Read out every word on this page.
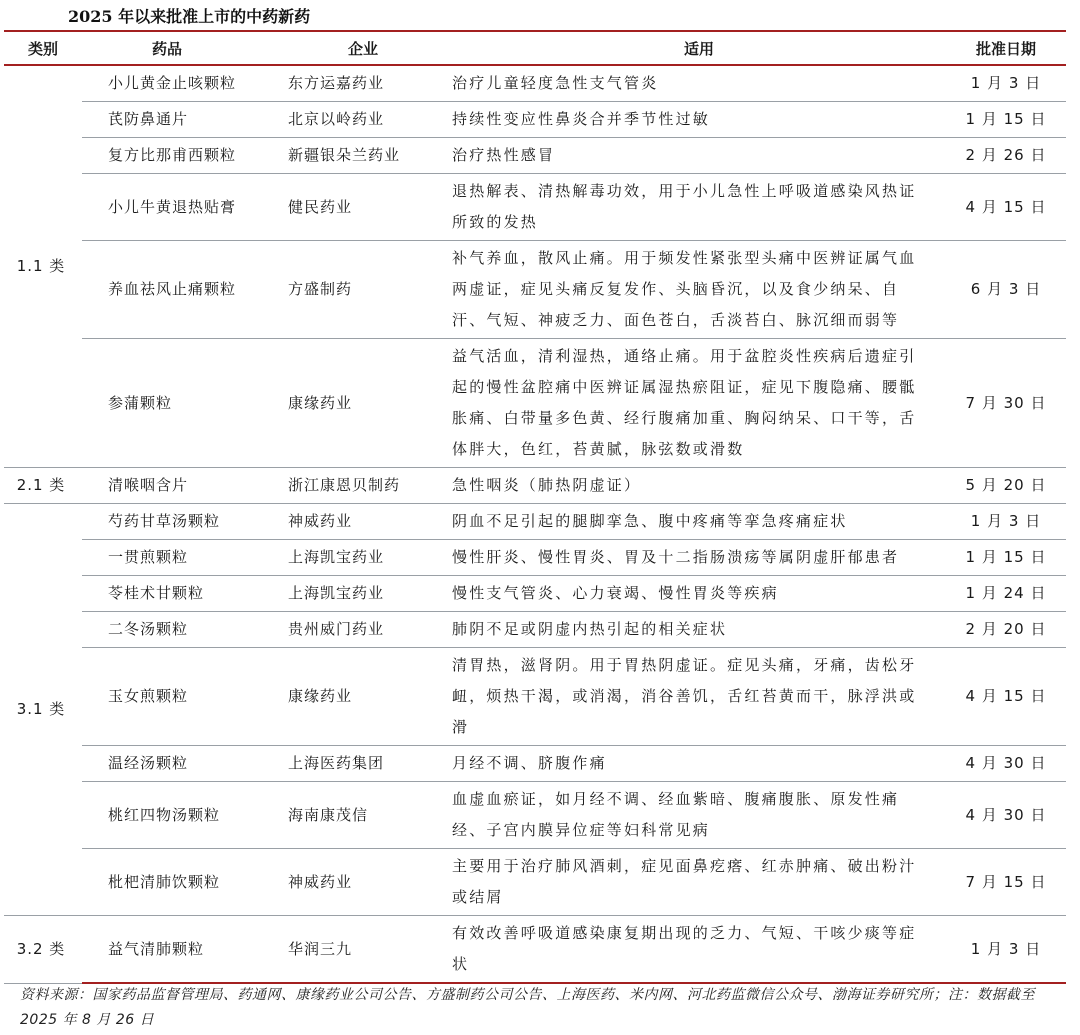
2025 年以来批准上市的中药新药
类别	药品	企业	适用	批准日期
1.1 类	小儿黄金止咳颗粒	东方运嘉药业	治疗儿童轻度急性支气管炎	1 月 3 日
	芪防鼻通片	北京以岭药业	持续性变应性鼻炎合并季节性过敏	1 月 15 日
	复方比那甫西颗粒	新疆银朵兰药业	治疗热性感冒	2 月 26 日
	小儿牛黄退热贴膏	健民药业	退热解表、清热解毒功效，用于小儿急性上呼吸道感染风热证所致的发热	4 月 15 日
	养血祛风止痛颗粒	方盛制药	补气养血，散风止痛。用于频发性紧张型头痛中医辨证属气血两虚证，症见头痛反复发作、头脑昏沉，以及食少纳呆、自汗、气短、神疲乏力、面色苍白，舌淡苔白、脉沉细而弱等	6 月 3 日
	参蒲颗粒	康缘药业	益气活血，清利湿热，通络止痛。用于盆腔炎性疾病后遗症引起的慢性盆腔痛中医辨证属湿热瘀阻证，症见下腹隐痛、腰骶胀痛、白带量多色黄、经行腹痛加重、胸闷纳呆、口干等，舌体胖大，色红，苔黄腻，脉弦数或滑数	7 月 30 日
2.1 类	清喉咽含片	浙江康恩贝制药	急性咽炎（肺热阴虚证）	5 月 20 日
3.1 类	芍药甘草汤颗粒	神威药业	阴血不足引起的腿脚挛急、腹中疼痛等挛急疼痛症状	1 月 3 日
	一贯煎颗粒	上海凯宝药业	慢性肝炎、慢性胃炎、胃及十二指肠溃疡等属阴虚肝郁患者	1 月 15 日
	苓桂术甘颗粒	上海凯宝药业	慢性支气管炎、心力衰竭、慢性胃炎等疾病	1 月 24 日
	二冬汤颗粒	贵州威门药业	肺阴不足或阴虚内热引起的相关症状	2 月 20 日
	玉女煎颗粒	康缘药业	清胃热，滋肾阴。用于胃热阴虚证。症见头痛，牙痛，齿松牙衄，烦热干渴，或消渴，消谷善饥，舌红苔黄而干，脉浮洪或滑	4 月 15 日
	温经汤颗粒	上海医药集团	月经不调、脐腹作痛	4 月 30 日
	桃红四物汤颗粒	海南康茂信	血虚血瘀证，如月经不调、经血紫暗、腹痛腹胀、原发性痛经、子宫内膜异位症等妇科常见病	4 月 30 日
	枇杷清肺饮颗粒	神威药业	主要用于治疗肺风酒刺，症见面鼻疙瘩、红赤肿痛、破出粉汁或结屑	7 月 15 日
3.2 类	益气清肺颗粒	华润三九	有效改善呼吸道感染康复期出现的乏力、气短、干咳少痰等症状	1 月 3 日
资料来源：国家药品监督管理局、药通网、康缘药业公司公告、方盛制药公司公告、上海医药、米内网、河北药监微信公众号、渤海证券研究所；注：数据截至 2025 年 8 月 26 日
